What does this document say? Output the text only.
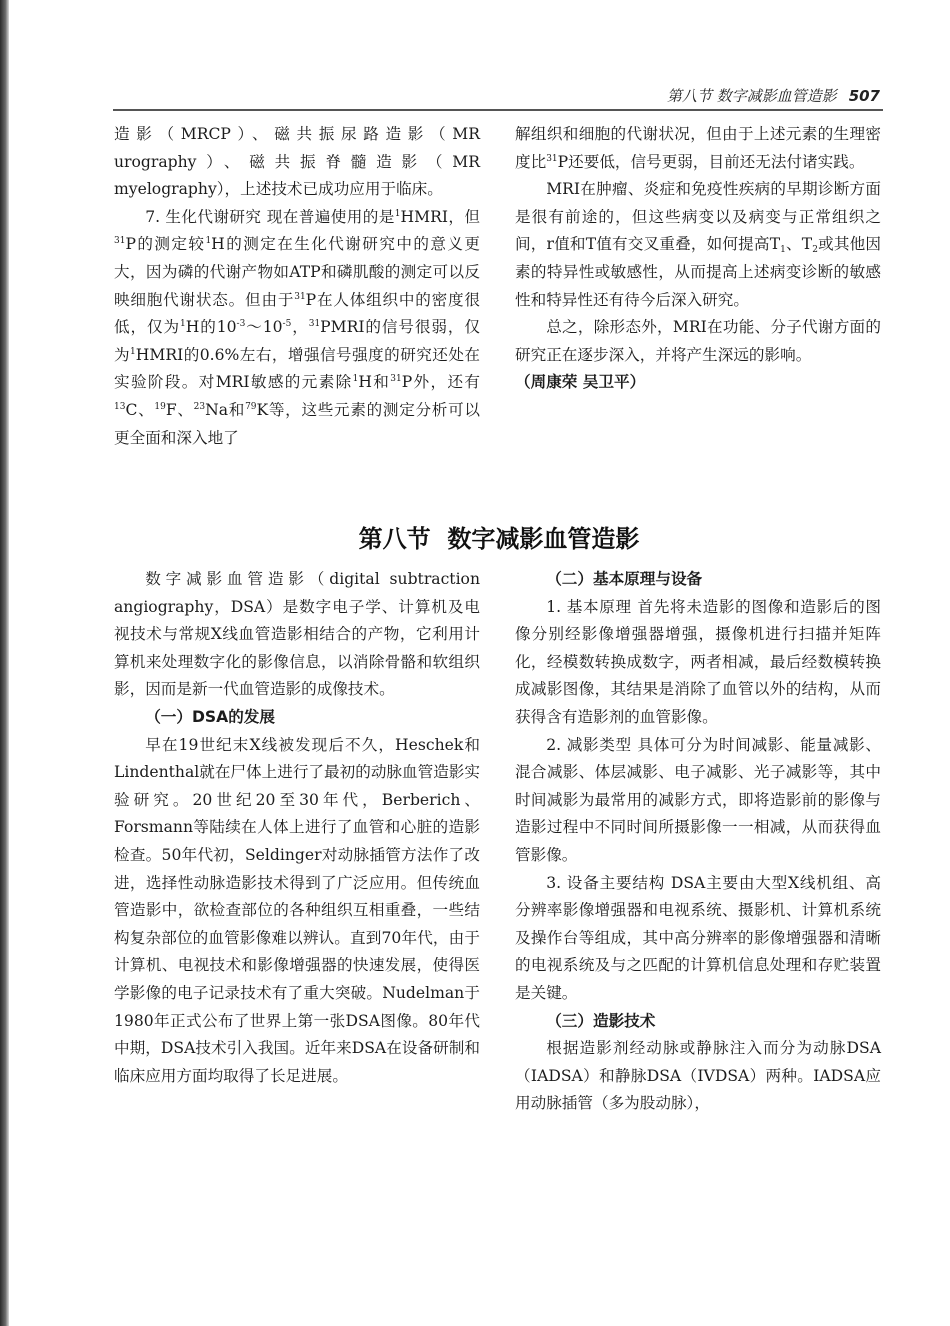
第八节 数字减影血管造影 507

造影（MRCP）、磁共振尿路造影（MR urography）、磁共振脊髓造影（MR myelography），上述技术已成功应用于临床。

7. 生化代谢研究 现在普遍使用的是$^1$HMRI，但$^{31}$P的测定较$^1$H的测定在生化代谢研究中的意义更大，因为磷的代谢产物如ATP和磷肌酸的测定可以反映细胞代谢状态。但由于$^{31}$P在人体组织中的密度很低，仅为$^1$H的$10^{-3}\sim 10^{-5}$，$^{31}$PMRI的信号很弱，仅为$^1$HMRI的0.6%左右，增强信号强度的研究还处在实验阶段。对MRI敏感的元素除$^1$H和$^{31}$P外，还有$^{13}$C、$^{19}$F、$^{23}$Na和$^{79}$K等，这些元素的测定分析可以更全面和深入地了

解组织和细胞的代谢状况，但由于上述元素的生理密度比$^{31}$P还要低，信号更弱，目前还无法付诸实践。

MRI在肿瘤、炎症和免疫性疾病的早期诊断方面是很有前途的，但这些病变以及病变与正常组织之间，r值和T值有交叉重叠，如何提高$T_1$、$T_2$或其他因素的特异性或敏感性，从而提高上述病变诊断的敏感性和特异性还有待今后深入研究。

总之，除形态外，MRI在功能、分子代谢方面的研究正在逐步深入，并将产生深远的影响。

（周康荣 吴卫平）

第八节  数字减影血管造影

数字减影血管造影（digital subtraction angiography，DSA）是数字电子学、计算机及电视技术与常规X线血管造影相结合的产物，它利用计算机来处理数字化的影像信息，以消除骨骼和软组织影，因而是新一代血管造影的成像技术。

（一）DSA的发展

早在19世纪末X线被发现后不久，Heschek和Lindenthal就在尸体上进行了最初的动脉血管造影实验研究。20世纪20至30年代，Berberich、Forsmann等陆续在人体上进行了血管和心脏的造影检查。50年代初，Seldinger对动脉插管方法作了改进，选择性动脉造影技术得到了广泛应用。但传统血管造影中，欲检查部位的各种组织互相重叠，一些结构复杂部位的血管影像难以辨认。直到70年代，由于计算机、电视技术和影像增强器的快速发展，使得医学影像的电子记录技术有了重大突破。Nudelman于1980年正式公布了世界上第一张DSA图像。80年代中期，DSA技术引入我国。近年来DSA在设备研制和临床应用方面均取得了长足进展。

（二）基本原理与设备

1. 基本原理 首先将未造影的图像和造影后的图像分别经影像增强器增强，摄像机进行扫描并矩阵化，经模数转换成数字，两者相减，最后经数模转换成减影图像，其结果是消除了血管以外的结构，从而获得含有造影剂的血管影像。

2. 减影类型 具体可分为时间减影、能量减影、混合减影、体层减影、电子减影、光子减影等，其中时间减影为最常用的减影方式，即将造影前的影像与造影过程中不同时间所摄影像一一相减，从而获得血管影像。

3. 设备主要结构 DSA主要由大型X线机组、高分辨率影像增强器和电视系统、摄影机、计算机系统及操作台等组成，其中高分辨率的影像增强器和清晰的电视系统及与之匹配的计算机信息处理和存贮装置是关键。

（三）造影技术

根据造影剂经动脉或静脉注入而分为动脉DSA（IADSA）和静脉DSA（IVDSA）两种。IADSA应用动脉插管（多为股动脉），
